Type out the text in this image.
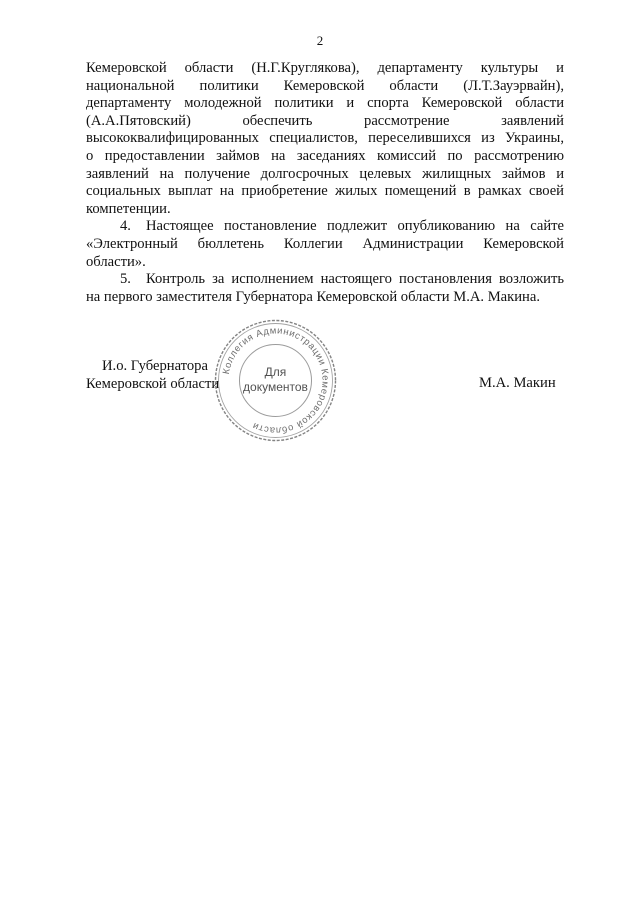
2
Кемеровской области (Н.Г.Круглякова), департаменту культуры и
национальной политики Кемеровской области (Л.Т.Зауэрвайн),
департаменту молодежной политики и спорта Кемеровской области
(А.А.Пятовский) обеспечить рассмотрение заявлений
высококвалифицированных специалистов, переселившихся из Украины,
о предоставлении займов на заседаниях комиссий по рассмотрению
заявлений на получение долгосрочных целевых жилищных займов и
социальных выплат на приобретение жилых помещений в рамках своей
компетенции.
4. Настоящее постановление подлежит опубликованию на сайте
«Электронный бюллетень Коллегии Администрации Кемеровской
области».
5. Контроль за исполнением настоящего постановления возложить
на первого заместителя Губернатора Кемеровской области М.А. Макина.
И.о. Губернатора
Кемеровской области	М.А. Макин
Коллегия Администрации Кемеровской области
Для
документов
